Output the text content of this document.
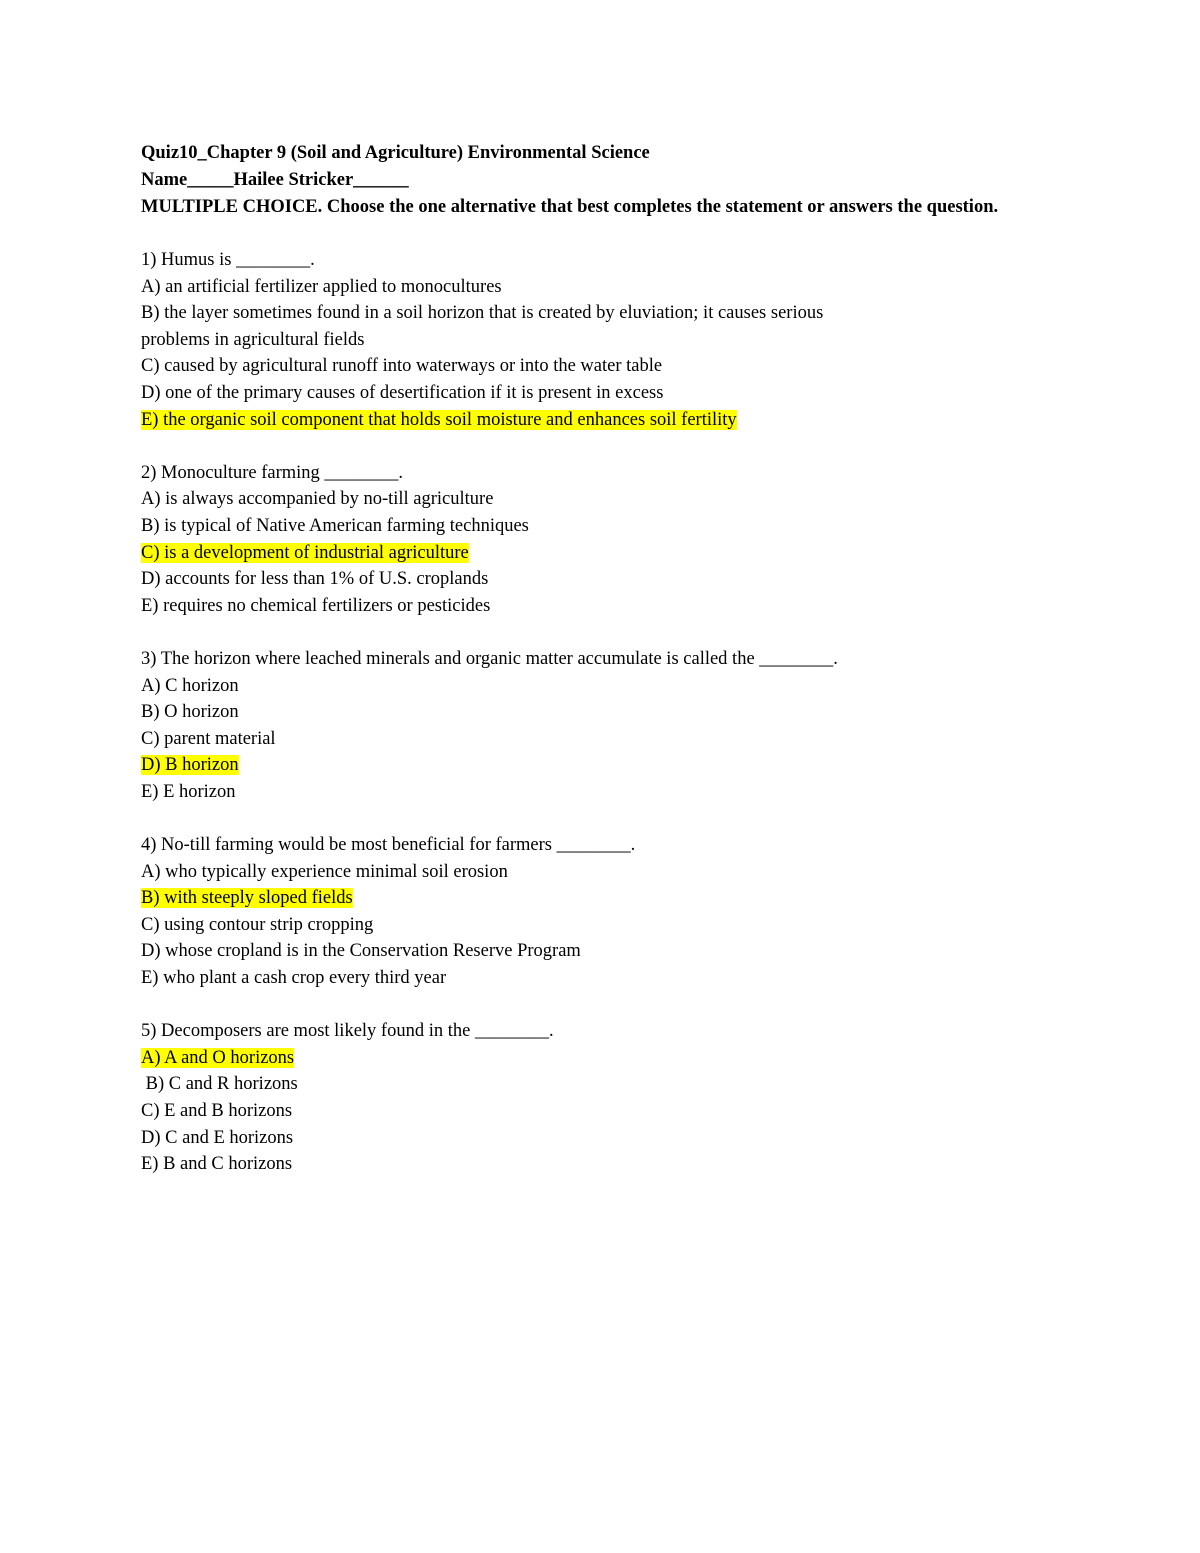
Quiz10_Chapter 9 (Soil and Agriculture) Environmental Science
Name_____Hailee Stricker______
MULTIPLE CHOICE. Choose the one alternative that best completes the statement or answers the question.
1) Humus is ________.
A) an artificial fertilizer applied to monocultures
B) the layer sometimes found in a soil horizon that is created by eluviation; it causes serious
problems in agricultural fields
C) caused by agricultural runoff into waterways or into the water table
D) one of the primary causes of desertification if it is present in excess
E) the organic soil component that holds soil moisture and enhances soil fertility
2) Monoculture farming ________.
A) is always accompanied by no-till agriculture
B) is typical of Native American farming techniques
C) is a development of industrial agriculture
D) accounts for less than 1% of U.S. croplands
E) requires no chemical fertilizers or pesticides
3) The horizon where leached minerals and organic matter accumulate is called the ________.
A) C horizon
B) O horizon
C) parent material
D) B horizon
E) E horizon
4) No-till farming would be most beneficial for farmers ________.
A) who typically experience minimal soil erosion
B) with steeply sloped fields
C) using contour strip cropping
D) whose cropland is in the Conservation Reserve Program
E) who plant a cash crop every third year
5) Decomposers are most likely found in the ________.
A) A and O horizons
B) C and R horizons
C) E and B horizons
D) C and E horizons
E) B and C horizons
